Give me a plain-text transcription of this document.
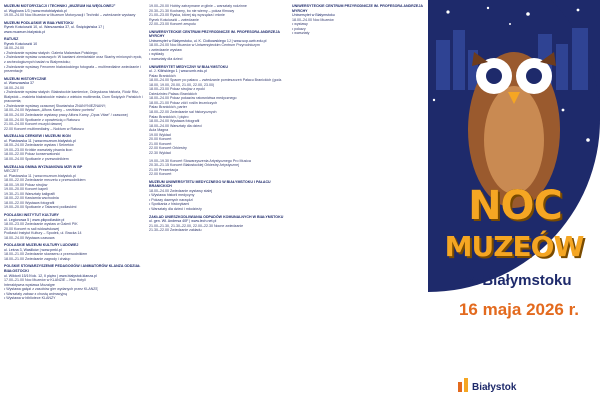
MUZEUM MOTORYZACJI I TECHNIKI „MUZEUM NA WĘGLOWEJ”
ul. Węglowa 1/3 | www.motobialystok.pl
19.00–24.00 Noc Muzeów w Muzeum Motoryzacji i Techniki – zwiedzanie wystawy
MUZEUM PODLASKIE W BIAŁYMSTOKU
Rynek Kościuszki 10, ul. Warszawska 37, ul. Świętojańska 17 | www.muzeum.bialystok.pl
RATUSZ
Rynek Kościuszki 10
18.00–24.00
• Zwiedzanie wystaw stałych: Galeria Malarstwa Polskiego;
• Zwiedzanie wystaw czasowych: W kawiarni ziemiańskie oraz Skarby minionych epok, z archeologicznych badań w Białymstoku;
• Zwiedzanie wystawy Fenomen białostockiego fotografa – multimedialne zwiedzanie i prezentacje
MUZEUM HISTORYCZNE
ul. Warszawska 37
18.00–24.00
• Zwiedzanie wystaw stałych: Białostockie kamienice, Odzyskana historia, Ródź Ritz, Białystok – makieta białostockie miasto z wieków multimedia, Dom Świętych Pańskich i pracownia;
• Zwiedzanie wystawy czasowej Słowiańska ZNANYNIEZNANY;
18.00–24.00 Wystawa „Alfons Karny – rzeźbiarz portretu”
18.00–24.00 Zwiedzanie wystawy pracy Alfons Karny „Opus Vitae” / czasowej
18.00–24.00 Spotkanie z opowieścią o Ratuszu
21.00–24.00 Koncert muzyki dawnej
22.00 Koncert multimedialny – Nokturn w Ratuszu
MUZEALNA CERKIEW I MUZEUM IKON
ul. Piastowska 11 | www.muzeum.bialystok.pl
18.00–24.00 Zwiedzanie wystaw i Sekretów
19.00–23.00 Krótkie warsztaty pisania ikon
18.00–22.00 Pokaz konserwatorski
18.00–24.00 Spotkanie z przewodnikiem
MUZEALNA GMINA WYZNANIOWA MZR W BP
MECZET
ul. Plastowska 11 | www.muzeum.bialystok.pl
18.00–22.00 Zwiedzanie meczetu z przewodnikiem
18.00–19.00 Pokaz strojów
19.00–20.00 Koncert kapeli
19.30–21.00 Warsztaty kaligrafii
18.00–22.00 Kawiarnia wschodnia
18.00–22.00 Wystawa fotografii
19.00–20.00 Spotkanie z Tatarami podlaskimi
PODLASKI INSTYTUT KULTURY
ul. Legionowa 5 | www.pikpodlaskie.pl
18.00–23.00 Zwiedzanie wystaw w Galerii PIK
20.00 Koncert w sali widowiskowej
Podlaski Instytut Kultury – Spodek, ul. Bracka 14
18.00–24.00 Wystawa czasowa
PODLASKIE MUZEUM KULTURY LUDOWEJ
ul. Leśna 3, Wasilków | www.pmkl.pl
18.00–21.00 Zwiedzanie skansenu z przewodnikiem
18.00–21.00 Zwiedzanie zagrody i chałup
POLSKIE STOWARZYSZENIE PEDAGOGÓW I ANIMATORÓW KLANZA ODDZIAŁ BIAŁOSTOCKI
ul. Wiktorii 15/19 lok. 12, II piętro | www.bialystok.klanza.pl
17.00–21.00 Noc Muzeów w KLANZIE – Noc Hotyli
Interaktywna wystawa Mozaigre
• Wystawa gałęzi z zasobów gier wydanych przez KLANZĘ
• Warsztaty zabaw z chustą animacyjną
• Wystawa w bibliotece KLANZY
19.00–20.00 Hobby zatrzymane w glinie – warsztaty rodzinne
20.30–21.30 Kochamy, bo nie wiemy – pokaz filmowy
21.00–23.00 Ryska, której się wyrządza i mknie
Rynek Kościuszki – zwiedzanie
22.00–23.00 Koncert zespołu
UNIWERSYTECKIE CENTRUM PRZYRODNICZE IM. PROFESORA ANDRZEJA MYRCHY
Uniwersytet w Białymstoku, ul. K. Ciołkowskiego 1J | www.ucp.uwb.edu.pl
18.00–24.00 Noc Muzeów w Uniwersyteckim Centrum Przyrodniczym
• zwiedzanie wystaw
• wykłady
• warsztaty dla dzieci
UNIWERSYTET MEDYCZNY W BIAŁYMSTOKU
ul. J. Kilińskiego 1 | www.umb.edu.pl
Pałac Branickich
18.00–24.00 Spacer po pałacu – zwiedzanie pomieszczeń Pałacu Branickich (godz. 18.00, 19.00, 20.00, 21.00, 22.00, 23.00)
18.00–23.00 Pokaz strojów z epoki
Dziedziniec Pałacu Branickich
18.00–24.00 Pokaz pokazów ratownictwa medycznego
18.00–21.00 Pokaz ziół i roślin leczniczych
Pałac Branickich, parter
18.00–22.00 Zwiedzanie sal historycznych
Pałac Branickich, I piętro
18.00–24.00 Wystawa fotografii
18.00–24.00 Warsztaty dla dzieci
Aula Magna
19.00 Wykład
20.00 Koncert
21.00 Koncert
22.00 Koncert Orkiestry
22.30 Wykład
19.00–19.30 Koncert Stowarzyszenia Artystycznego Pro Musica
20.30–21.15 Koncert Białostockiej Orkiestry Artystycznej
21.00 Prezentacja
22.00 Koncert
MUZEUM UNIWERSYTETU MEDYCZNEGO W BIAŁYMSTOKU I PAŁACU BRANICKICH
18.00–24.00 Zwiedzanie wystawy stałej
• Wystawa historii medycyny
• Pokazy dawnych narzędzi
• Spotkania z historykami
• Warsztaty dla dzieci i młodzieży
ZAKŁAD UNIESZKODLIWIANIA ODPADÓW KOMUNALNYCH W BIAŁYMSTOKU
ul. gen. Wł. Andersa 40F | www.lech.net.pl
21.00–21.30, 21.30–22.00, 22.00–22.30 Nocne zwiedzanie
21.30–22.00 Zwiedzanie zakładu
UNIWERSYTECKIE CENTRUM PRZYRODNICZE IM. PROFESORA ANDRZEJA MYRCHY
Uniwersytet w Białymstoku
18.00–24.00 Noc Muzeów
• wystawy
• pokazy
• warsztaty
NOC
MUZEÓW
w Białymstoku
16 maja 2026 r.
Białystok
